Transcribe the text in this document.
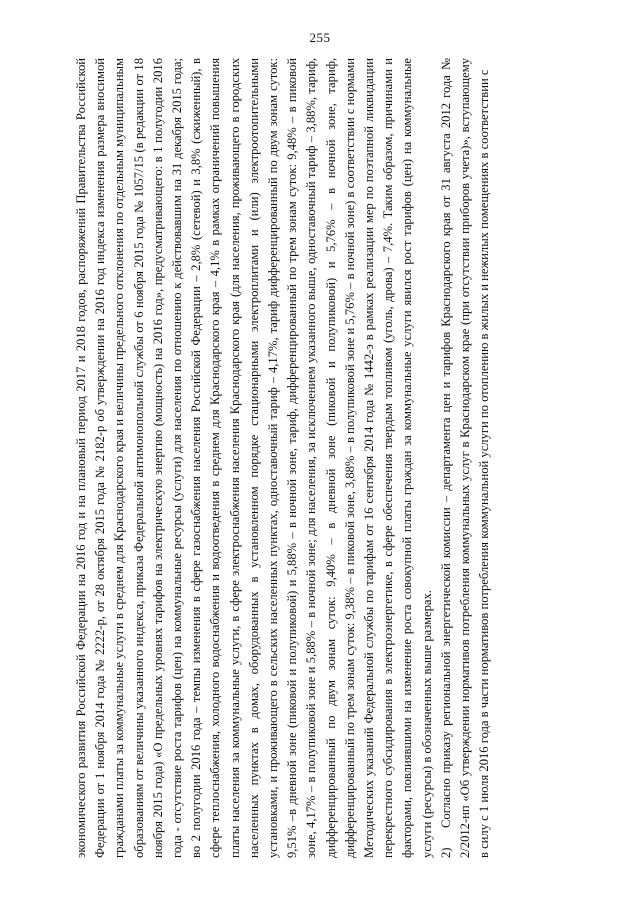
255

экономического развития Российской Федерации на 2016 год и на плановый период 2017 и 2018 годов, распоряжений Правительства Российской Федерации от 1 ноября 2014 года № 2222-р, от 28 октября 2015 года № 2182-р об утверждении на 2016 год индекса изменения размера вносимой гражданами платы за коммунальные услуги в среднем для Краснодарского края и величины предельного отклонения по отдельным муниципальным образованиям от величины указанного индекса, приказа Федеральной антимонопольной службы от 6 ноября 2015 года № 1057/15 (в редакции от 18 ноября 2015 года) «О предельных уровнях тарифов на электрическую энергию (мощность) на 2016 год», предусматривающего: в 1 полугодии 2016 года - отсутствие роста тарифов (цен) на коммунальные ресурсы (услуги) для населения по отношению к действовавшим на 31 декабря 2015 года; во 2 полугодии 2016 года – темпы изменения в сфере газоснабжения населения Российской Федерации – 2,8% (сетевой) и 3,8% (сжиженный), в сфере теплоснабжения, холодного водоснабжения и водоотведения в среднем для Краснодарского края – 4,1% в рамках ограничений повышения платы населения за коммунальные услуги, в сфере электроснабжения населения Краснодарского края (для населения, проживающего в городских населенных пунктах в домах, оборудованных в установленном порядке стационарными электроплитами и (или) электроотопительными установками, и проживающего в сельских населенных пунктах, одноставочный тариф – 4,17%, тариф дифференцированный по двум зонам суток: 9,51% –в дневной зоне (пиковой и полупиковой) и 5,88% – в ночной зоне, тариф, дифференцированный по трем зонам суток: 9,48% – в пиковой зоне, 4,17% – в полупиковой зоне и 5,88% – в ночной зоне; для населения, за исключением указанного выше, одноставочный тариф – 3,88%, тариф, дифференцированный по двум зонам суток: 9,40% – в дневной зоне (пиковой и полупиковой) и 5,76% – в ночной зоне, тариф, дифференцированный по трем зонам суток: 9,38% – в пиковой зоне, 3,88% – в полупиковой зоне и 5,76% – в ночной зоне) в соответствии с нормами Методических указаний Федеральной службы по тарифам от 16 сентября 2014 года № 1442-э в рамках реализации мер по поэтапной ликвидации перекрестного субсидирования в электроэнергетике, в сфере обеспечения твердым топливом (уголь, дрова) – 7,4%. Таким образом, причинами и факторами, повлиявшими на изменение роста совокупной платы граждан за коммунальные услуги явился рост тарифов (цен) на коммунальные услуги (ресурсы) в обозначенных выше размерах. 2)Согласно приказу региональной энергетической комиссии – департамента цен и тарифов Краснодарского края от 31 августа 2012 года № 2/2012-нп «Об утверждении нормативов потребления коммунальных услуг в Краснодарском крае (при отсутствии приборов учета)», вступающему в силу с 1 июля 2016 года в части нормативов потребления коммунальной услуги по отоплению в жилых и нежилых помещениях в соответствии с
